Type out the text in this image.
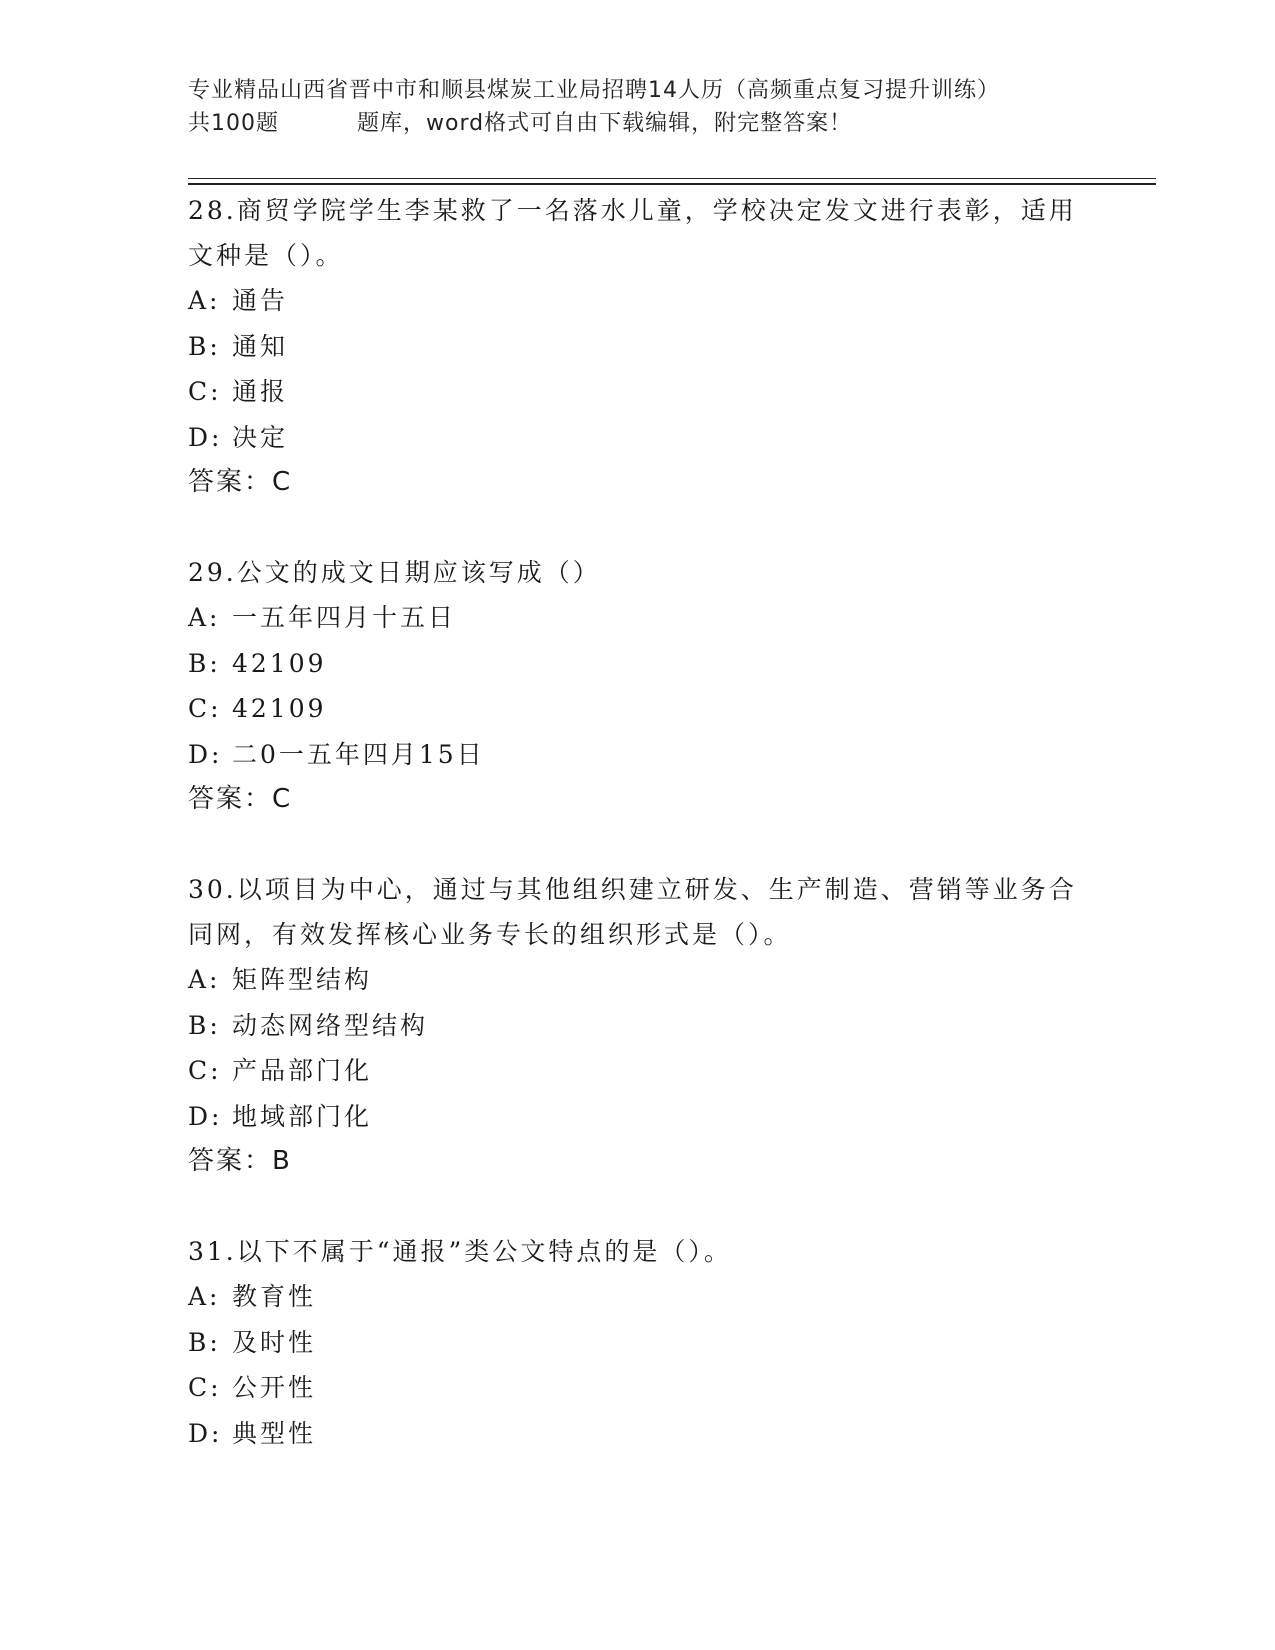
专业精品山西省晋中市和顺县煤炭工业局招聘14人历（高频重点复习提升训练）
共100题	题库，word格式可自由下载编辑，附完整答案！

28.商贸学院学生李某救了一名落水儿童，学校决定发文进行表彰，适用文种是（）。

A: 通告

B: 通知

C: 通报

D: 决定

答案：C

29.公文的成文日期应该写成（）

A: 一五年四月十五日

B: 42109

C: 42109

D: 二0一五年四月15日

答案：C

30.以项目为中心，通过与其他组织建立研发、生产制造、营销等业务合同网，有效发挥核心业务专长的组织形式是（）。

A: 矩阵型结构

B: 动态网络型结构

C: 产品部门化

D: 地域部门化

答案：B

31.以下不属于“通报”类公文特点的是（）。

A: 教育性

B: 及时性

C: 公开性

D: 典型性
